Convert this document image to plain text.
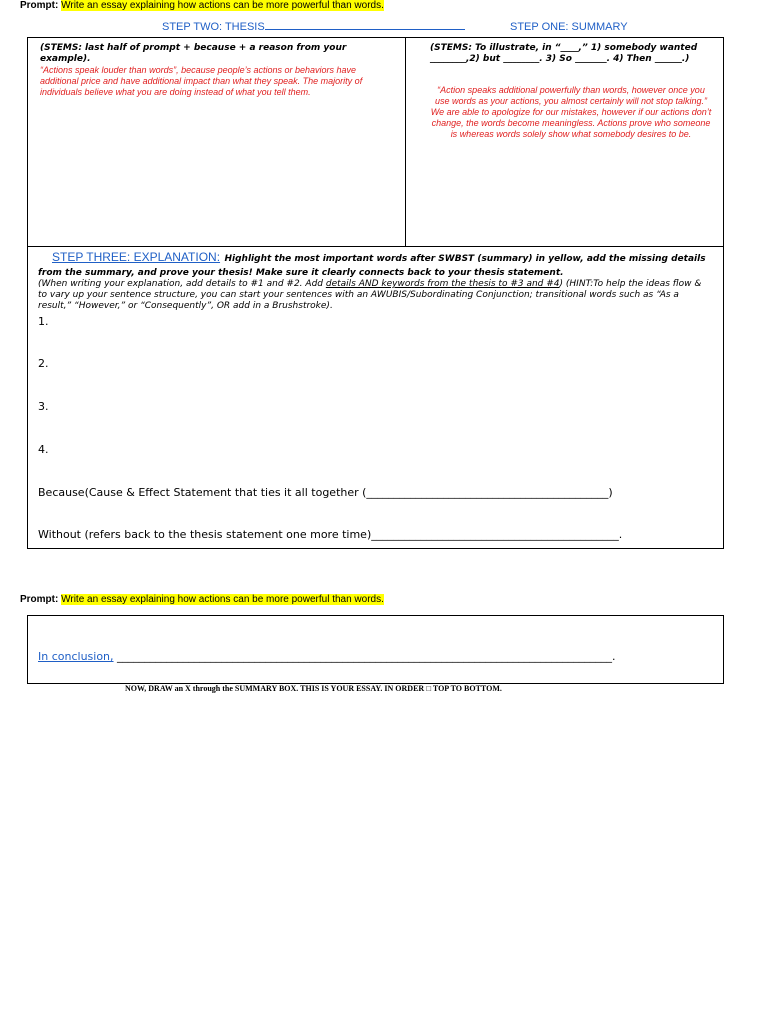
Prompt: Write an essay explaining how actions can be more powerful than words.
STEP TWO: THESIS	STEP ONE: SUMMARY
(STEMS: last half of prompt + because + a reason from your example).
“Actions speak louder than words”, because people’s actions or behaviors have additional price and have additional impact than what they speak. The majority of individuals believe what you are doing instead of what you tell them.
(STEMS: To illustrate, in “____,” 1) somebody wanted ________,2) but ________. 3) So _______. 4) Then ______.)
“Action speaks additional powerfully than words, however once you use words as your actions, you almost certainly will not stop talking.” We are able to apologize for our mistakes, however if our actions don’t change, the words become meaningless. Actions prove who someone is whereas words solely show what somebody desires to be.
STEP THREE: EXPLANATION: Highlight the most important words after SWBST (summary) in yellow, add the missing details from the summary, and prove your thesis! Make sure it clearly connects back to your thesis statement.
(When writing your explanation, add details to #1 and #2. Add details AND keywords from the thesis to #3 and #4) (HINT:To help the ideas flow & to vary up your sentence structure, you can start your sentences with an AWUBIS/Subordinating Conjunction; transitional words such as “As a result,” “However,” or “Consequently”, OR add in a Brushstroke).
1.
2.
3.
4.
Because(Cause & Effect Statement that ties it all together (____________________________________________)
Without (refers back to the thesis statement one more time)_____________________________________________.
Prompt: Write an essay explaining how actions can be more powerful than words.
In conclusion, __________________________________________________________________________________________.
NOW, DRAW an X through the SUMMARY BOX. THIS IS YOUR ESSAY. IN ORDER □ TOP TO BOTTOM.
